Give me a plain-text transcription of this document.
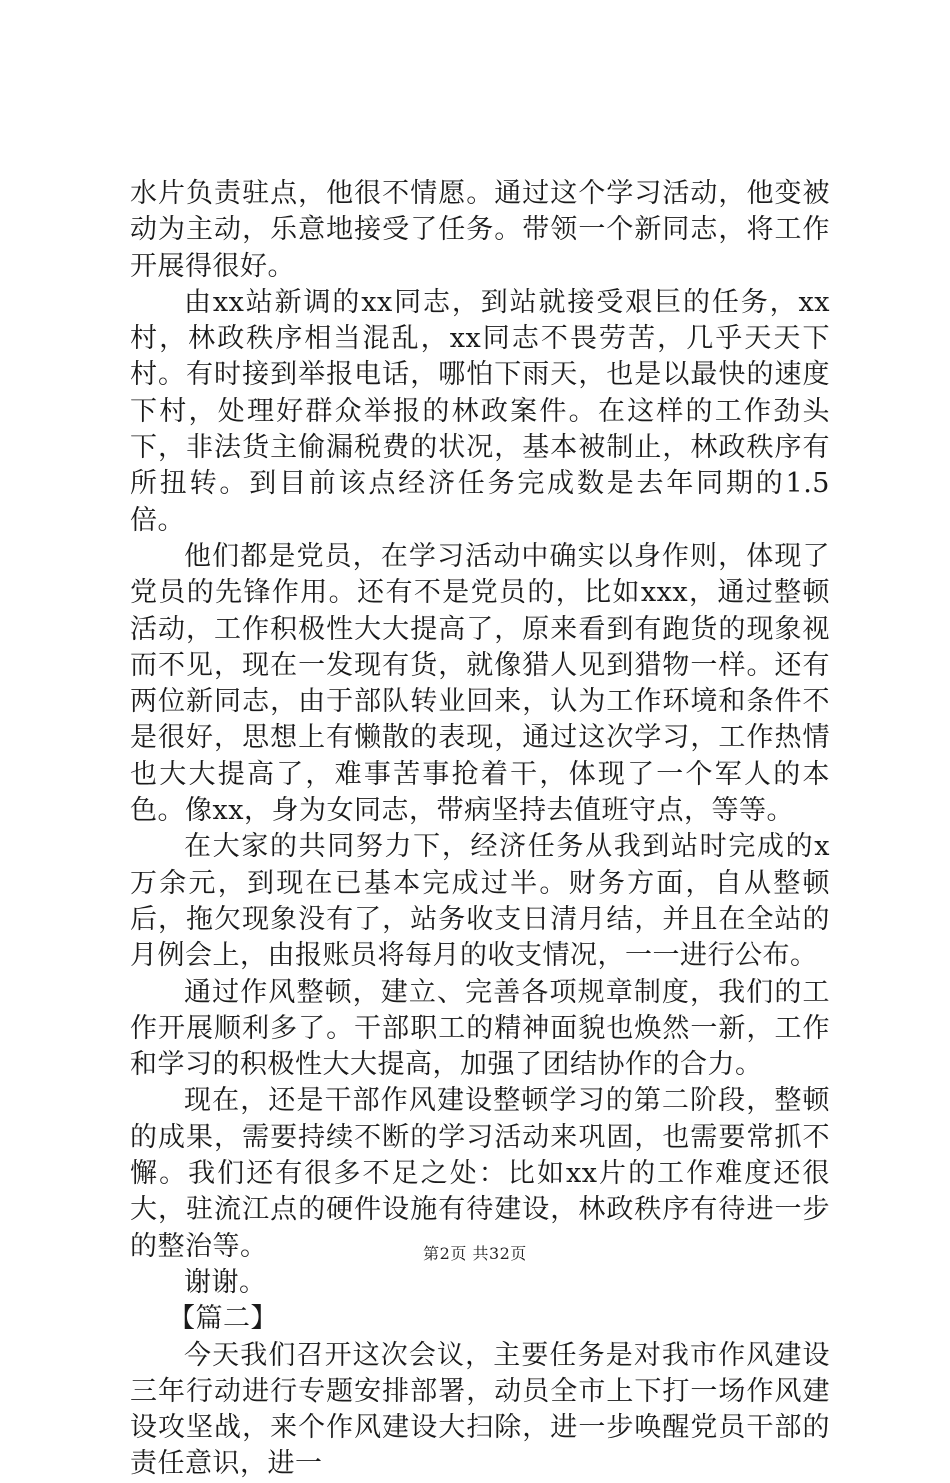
水片负责驻点，他很不情愿。通过这个学习活动，他变被动为主动，乐意地接受了任务。带领一个新同志，将工作开展得很好。

由xx站新调的xx同志，到站就接受艰巨的任务，xx村，林政秩序相当混乱，xx同志不畏劳苦，几乎天天下村。有时接到举报电话，哪怕下雨天，也是以最快的速度下村，处理好群众举报的林政案件。在这样的工作劲头下，非法货主偷漏税费的状况，基本被制止，林政秩序有所扭转。到目前该点经济任务完成数是去年同期的1.5倍。

他们都是党员，在学习活动中确实以身作则，体现了党员的先锋作用。还有不是党员的，比如xxx，通过整顿活动，工作积极性大大提高了，原来看到有跑货的现象视而不见，现在一发现有货，就像猎人见到猎物一样。还有两位新同志，由于部队转业回来，认为工作环境和条件不是很好，思想上有懒散的表现，通过这次学习，工作热情也大大提高了，难事苦事抢着干，体现了一个军人的本色。像xx，身为女同志，带病坚持去值班守点，等等。

在大家的共同努力下，经济任务从我到站时完成的x万余元，到现在已基本完成过半。财务方面，自从整顿后，拖欠现象没有了，站务收支日清月结，并且在全站的月例会上，由报账员将每月的收支情况，一一进行公布。

通过作风整顿，建立、完善各项规章制度，我们的工作开展顺利多了。干部职工的精神面貌也焕然一新，工作和学习的积极性大大提高，加强了团结协作的合力。

现在，还是干部作风建设整顿学习的第二阶段，整顿的成果，需要持续不断的学习活动来巩固，也需要常抓不懈。我们还有很多不足之处：比如xx片的工作难度还很大，驻流江点的硬件设施有待建设，林政秩序有待进一步的整治等。

谢谢。

【篇二】

今天我们召开这次会议，主要任务是对我市作风建设三年行动进行专题安排部署，动员全市上下打一场作风建设攻坚战，来个作风建设大扫除，进一步唤醒党员干部的责任意识，进一

第2页 共32页
